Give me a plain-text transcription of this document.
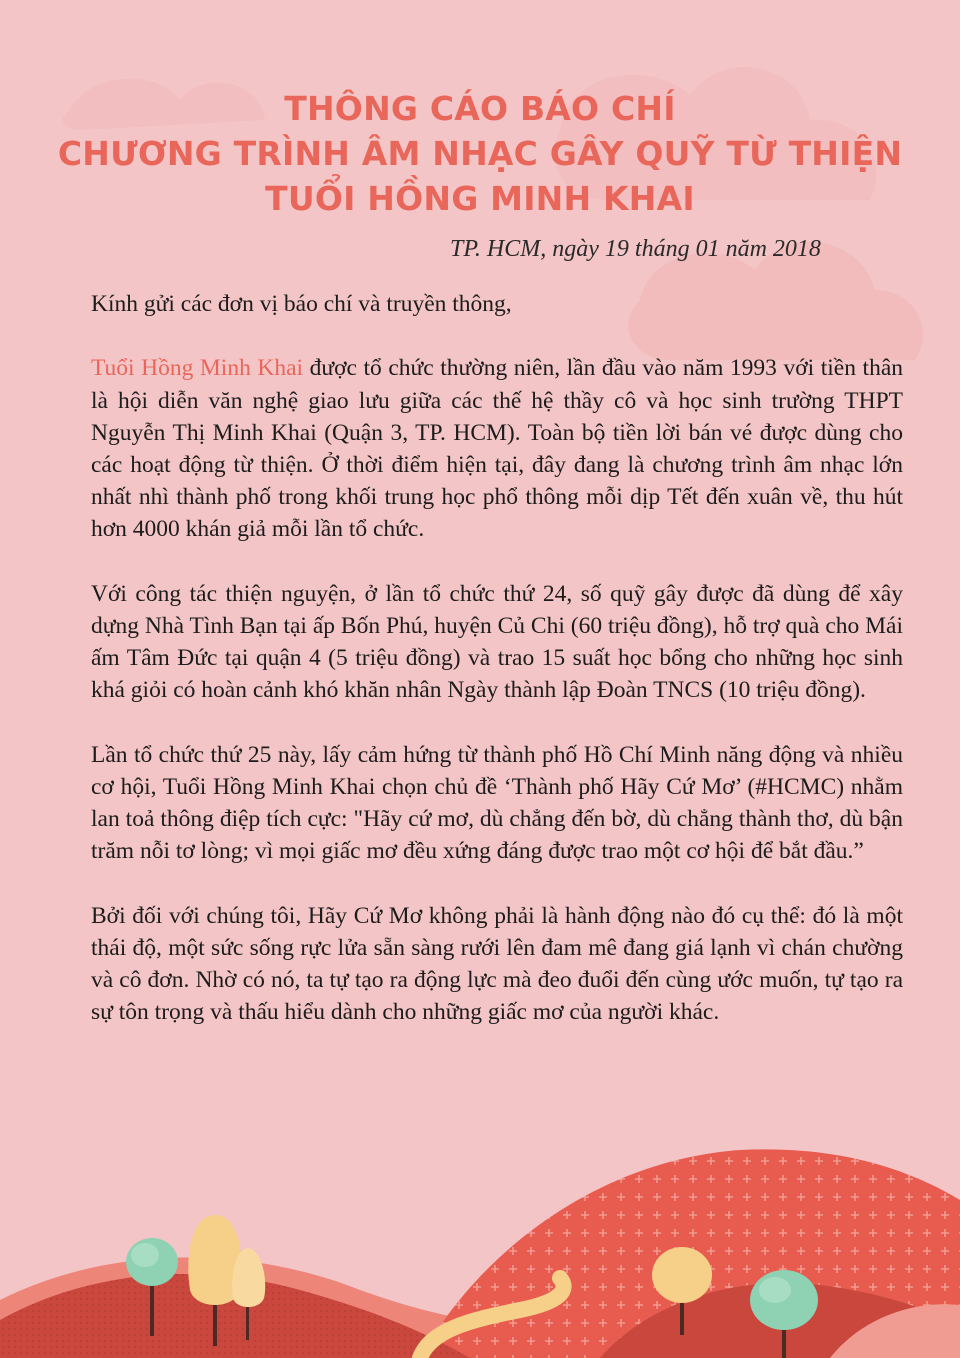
THÔNG CÁO BÁO CHÍ
CHƯƠNG TRÌNH ÂM NHẠC GÂY QUỸ TỪ THIỆN
TUỔI HỒNG MINH KHAI
TP. HCM, ngày 19 tháng 01 năm 2018

Kính gửi các đơn vị báo chí và truyền thông,

Tuổi Hồng Minh Khai được tổ chức thường niên, lần đầu vào năm 1993 với tiền thân là hội diễn văn nghệ giao lưu giữa các thế hệ thầy cô và học sinh trường THPT Nguyễn Thị Minh Khai (Quận 3, TP. HCM). Toàn bộ tiền lời bán vé được dùng cho các hoạt động từ thiện. Ở thời điểm hiện tại, đây đang là chương trình âm nhạc lớn nhất nhì thành phố trong khối trung học phổ thông mỗi dịp Tết đến xuân về, thu hút hơn 4000 khán giả mỗi lần tổ chức.

Với công tác thiện nguyện, ở lần tổ chức thứ 24, số quỹ gây được đã dùng để xây dựng Nhà Tình Bạn tại ấp Bốn Phú, huyện Củ Chi (60 triệu đồng), hỗ trợ quà cho Mái ấm Tâm Đức tại quận 4 (5 triệu đồng) và trao 15 suất học bổng cho những học sinh khá giỏi có hoàn cảnh khó khăn nhân Ngày thành lập Đoàn TNCS (10 triệu đồng).

Lần tổ chức thứ 25 này, lấy cảm hứng từ thành phố Hồ Chí Minh năng động và nhiều cơ hội, Tuổi Hồng Minh Khai chọn chủ đề ‘Thành phố Hãy Cứ Mơ’ (#HCMC) nhằm lan toả thông điệp tích cực: "Hãy cứ mơ, dù chẳng đến bờ, dù chẳng thành thơ, dù bận trăm nỗi tơ lòng; vì mọi giấc mơ đều xứng đáng được trao một cơ hội để bắt đầu.”

Bởi đối với chúng tôi, Hãy Cứ Mơ không phải là hành động nào đó cụ thể: đó là một thái độ, một sức sống rực lửa sẵn sàng rưới lên đam mê đang giá lạnh vì chán chường và cô đơn. Nhờ có nó, ta tự tạo ra động lực mà đeo đuổi đến cùng ước muốn, tự tạo ra sự tôn trọng và thấu hiểu dành cho những giấc mơ của người khác.
